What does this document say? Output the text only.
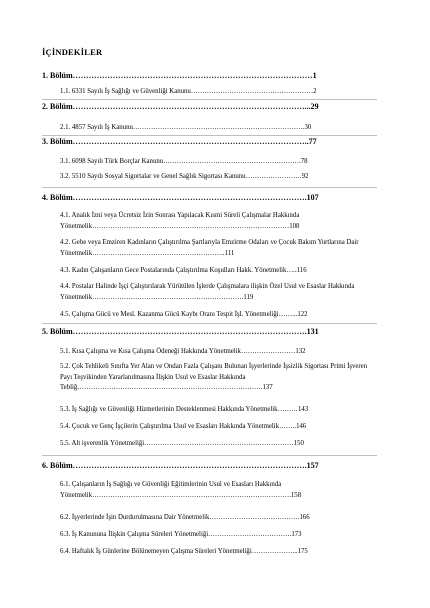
İÇİNDEKİLER
1. Bölüm………………………………………………………………………………1
1.1. 6331 Sayılı İş Sağlığı ve Güvenliği Kanunu………………………………………………2
2. Bölüm……………………………………………………………………………...29
2.1. 4857 Sayılı İş Kanunu………………………………………………………………….30
3. Bölüm……………………………………………………………………………..77
3.1. 6098 Sayılı Türk Borçlar Kanunu…………………………………………………….78
3.2. 5510 Sayılı Sosyal Sigortalar ve Genel Sağlık Sigortası Kanunu…………………….92
4. Bölüm…………………………………………………………………………….107
4.1. Analık İzni veya Ücretsiz İzin Sonrası Yapılacak Kısmi Süreli Çalışmalar Hakkında Yönetmelik……………………………………………………………………………108
4.2. Gebe veya Emziren Kadınların Çalıştırılma Şartlarıyla Emzirme Odaları ve Çocuk Bakım Yurtlarına Dair Yönetmelik…………………………………………………..111
4.3. Kadın Çalışanların Gece Postalarında Çalıştırılma Koşulları Hakk. Yönetmelik…..116
4.4. Postalar Halinde İşçi Çalıştırılarak Yürütülen İşlerde Çalışmalara ilişkin Özel Usul ve Esaslar Hakkında Yönetmelik………………………………………………………….119
4.5. Çalışma Gücü ve Mesl. Kazanma Gücü Kaybı Oranı Tespit İşl. Yönetmeliği……...122
5. Bölüm…………………………………………………………………………….131
5.1. Kısa Çalışma ve Kısa Çalışma Ödeneği Hakkında Yönetmelik……………………132
5.2. Çok Tehlikeli Sınıfta Yer Alan ve Ondan Fazla Çalışanı Bulunan İşyerlerinde İşsizlik Sigortası Primi İşveren Payı Teşvikinden Yararlanılmasına İlişkin Usul ve Esaslar Hakkında Tebliğ……………………………………………………………………….137
5.3. İş Sağlığı ve Güvenliği Hizmetlerinin Desteklenmesi Hakkında Yönetmelik………143
5.4. Çocuk ve Genç İşçilerin Çalıştırılma Usul ve Esasları Hakkında Yönetmelik……..146
5.5. Alt işverenlik Yönetmeliği…………………………………………………………150
6. Bölüm…………………………………………………………………………….157
6.1. Çalışanların İş Sağlığı ve Güvenliği Eğitimlerinin Usul ve Esasları Hakkında Yönetmelik…………………………………………………………………………….158
6.2. İşyerlerinde İşin Durdurulmasına Dair Yönetmelik………………………………….166
6.3. İş Kanununa İlişkin Çalışma Süreleri Yönetmeliği……………………………….173
6.4. Haftalık İş Günlerine Bölünemeyen Çalışma Süreleri Yönetmeliği………………...175
